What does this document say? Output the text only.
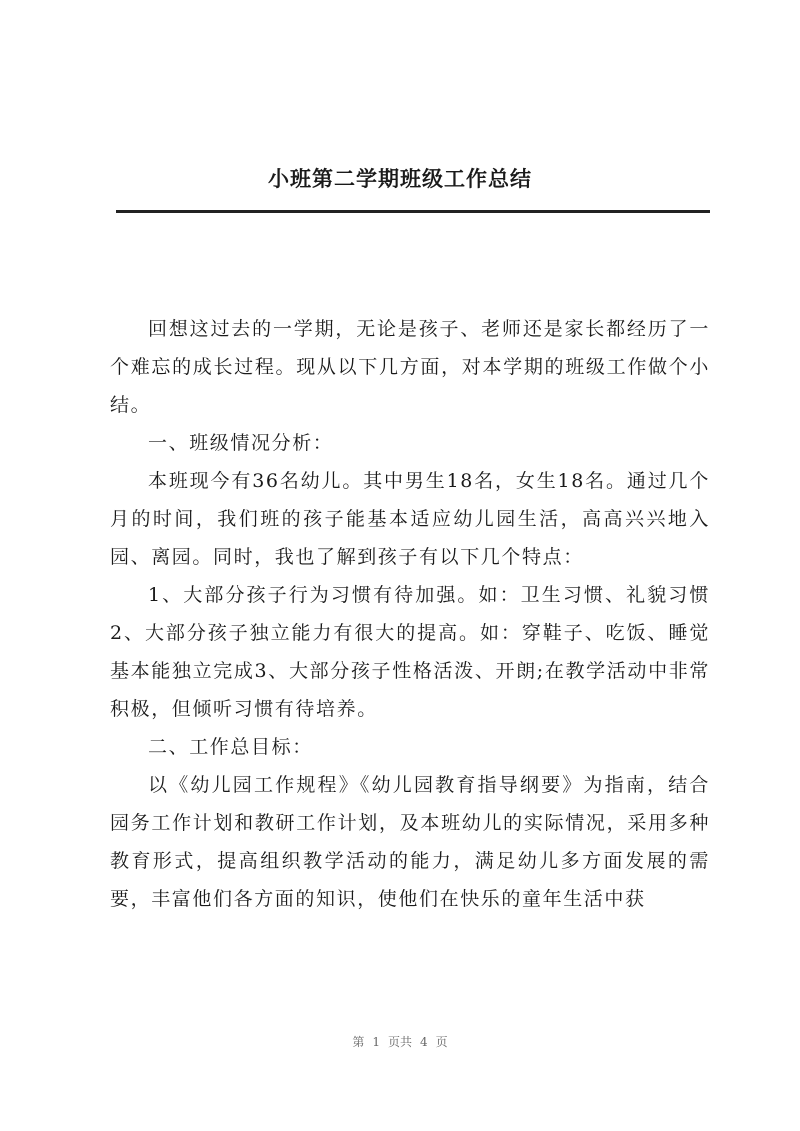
小班第二学期班级工作总结

回想这过去的一学期，无论是孩子、老师还是家长都经历了一个难忘的成长过程。现从以下几方面，对本学期的班级工作做个小结。

一、班级情况分析：

本班现今有36名幼儿。其中男生18名，女生18名。通过几个月的时间，我们班的孩子能基本适应幼儿园生活，高高兴兴地入园、离园。同时，我也了解到孩子有以下几个特点：

1、大部分孩子行为习惯有待加强。如：卫生习惯、礼貌习惯2、大部分孩子独立能力有很大的提高。如：穿鞋子、吃饭、睡觉基本能独立完成3、大部分孩子性格活泼、开朗;在教学活动中非常积极，但倾听习惯有待培养。

二、工作总目标：

以《幼儿园工作规程》《幼儿园教育指导纲要》为指南，结合园务工作计划和教研工作计划，及本班幼儿的实际情况，采用多种教育形式，提高组织教学活动的能力，满足幼儿多方面发展的需要，丰富他们各方面的知识，使他们在快乐的童年生活中获

第 1 页共 4 页
